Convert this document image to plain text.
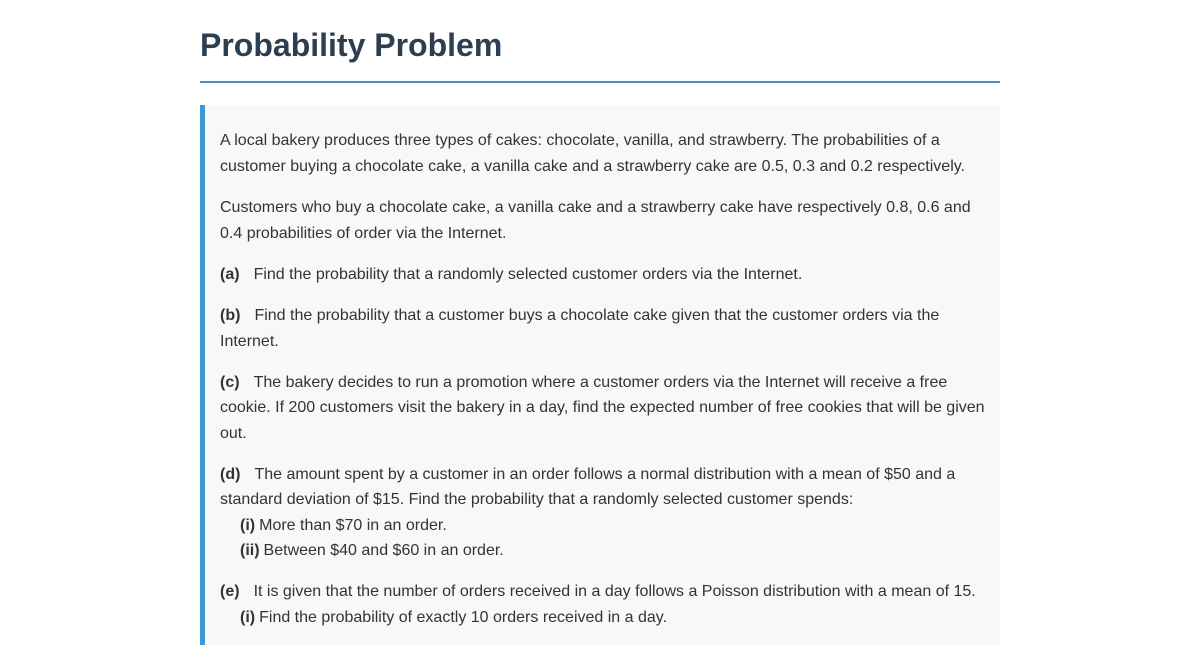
Probability Problem

A local bakery produces three types of cakes: chocolate, vanilla, and strawberry. The probabilities of a customer buying a chocolate cake, a vanilla cake and a strawberry cake are 0.5, 0.3 and 0.2 respectively.

Customers who buy a chocolate cake, a vanilla cake and a strawberry cake have respectively 0.8, 0.6 and 0.4 probabilities of order via the Internet.

(a) Find the probability that a randomly selected customer orders via the Internet.
(b) Find the probability that a customer buys a chocolate cake given that the customer orders via the Internet.
(c) The bakery decides to run a promotion where a customer orders via the Internet will receive a free cookie. If 200 customers visit the bakery in a day, find the expected number of free cookies that will be given out.
(d) The amount spent by a customer in an order follows a normal distribution with a mean of $50 and a standard deviation of $15. Find the probability that a randomly selected customer spends:
(i) More than $70 in an order.
(ii) Between $40 and $60 in an order.
(e) It is given that the number of orders received in a day follows a Poisson distribution with a mean of 15.
(i) Find the probability of exactly 10 orders received in a day.
